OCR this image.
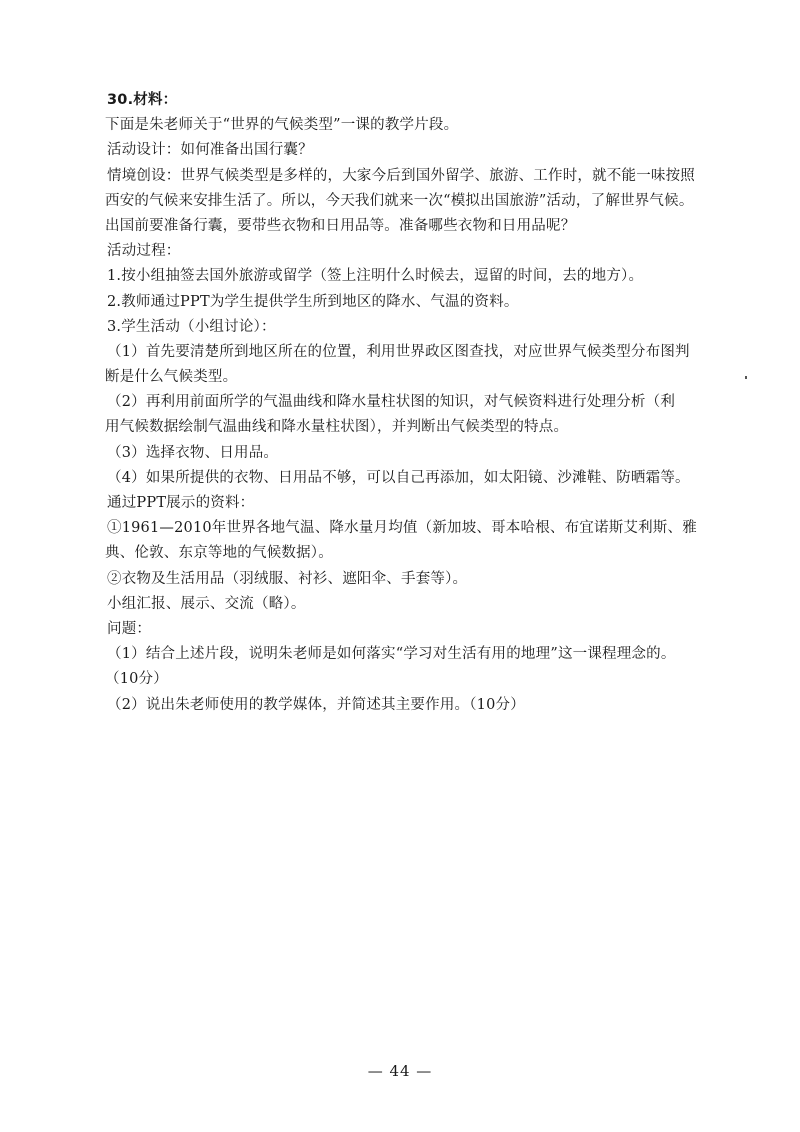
30.材料：
下面是朱老师关于“世界的气候类型”一课的教学片段。
活动设计：如何准备出国行囊？
情境创设：世界气候类型是多样的，大家今后到国外留学、旅游、工作时，就不能一味按照
西安的气候来安排生活了。所以，今天我们就来一次“模拟出国旅游”活动，了解世界气候。
出国前要准备行囊，要带些衣物和日用品等。准备哪些衣物和日用品呢？
活动过程：
1.按小组抽签去国外旅游或留学（签上注明什么时候去，逗留的时间，去的地方）。
2.教师通过PPT为学生提供学生所到地区的降水、气温的资料。
3.学生活动（小组讨论）：
（1）首先要清楚所到地区所在的位置，利用世界政区图查找，对应世界气候类型分布图判
断是什么气候类型。
（2）再利用前面所学的气温曲线和降水量柱状图的知识，对气候资料进行处理分析（利
用气候数据绘制气温曲线和降水量柱状图），并判断出气候类型的特点。
（3）选择衣物、日用品。
（4）如果所提供的衣物、日用品不够，可以自己再添加，如太阳镜、沙滩鞋、防晒霜等。
通过PPT展示的资料：
①1961—2010年世界各地气温、降水量月均值（新加坡、哥本哈根、布宜诺斯艾利斯、雅
典、伦敦、东京等地的气候数据）。
②衣物及生活用品（羽绒服、衬衫、遮阳伞、手套等）。
小组汇报、展示、交流（略）。
问题：
（1）结合上述片段，说明朱老师是如何落实“学习对生活有用的地理”这一课程理念的。
（10分）
（2）说出朱老师使用的教学媒体，并简述其主要作用。（10分）
— 44 —
